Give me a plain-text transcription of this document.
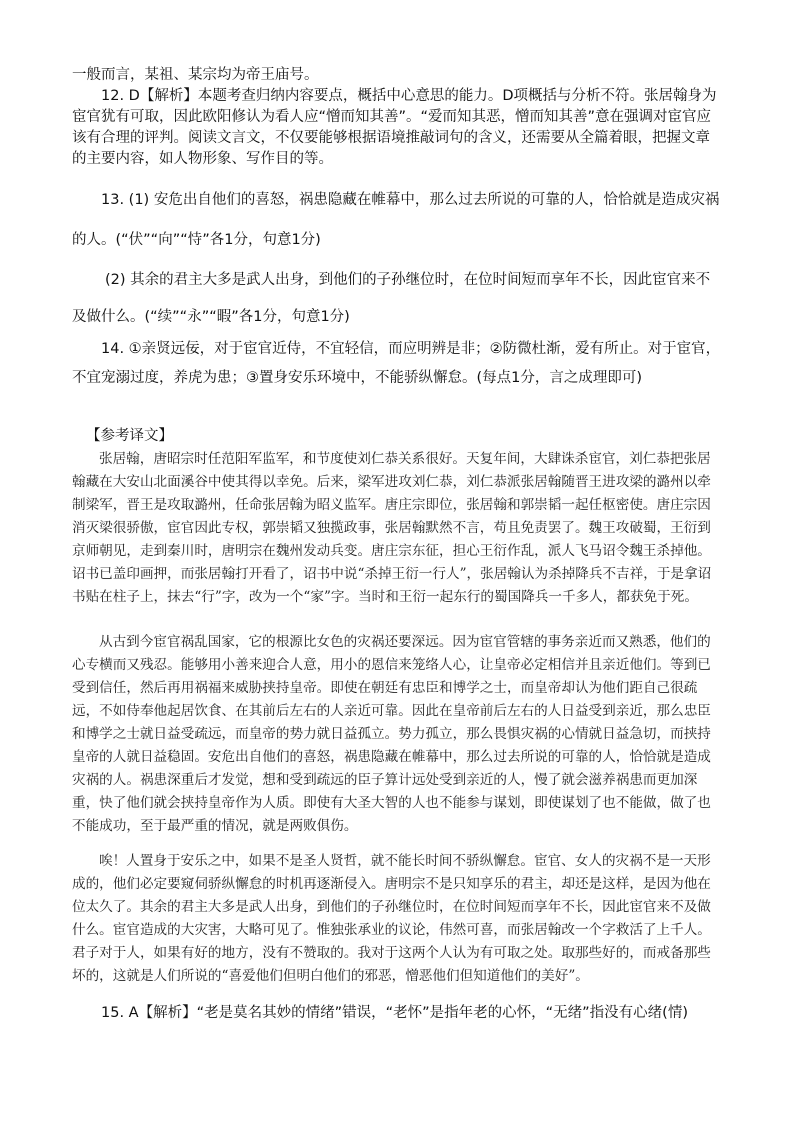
一般而言，某祖、某宗均为帝王庙号。

12. D【解析】本题考查归纳内容要点，概括中心意思的能力。D项概括与分析不符。张居翰身为宦官犹有可取，因此欧阳修认为看人应“憎而知其善”。“爱而知其恶，憎而知其善”意在强调对宦官应该有合理的评判。阅读文言文，不仅要能够根据语境推敲词句的含义，还需要从全篇着眼，把握文章的主要内容，如人物形象、写作目的等。

13. (1) 安危出自他们的喜怒，祸患隐藏在帷幕中，那么过去所说的可靠的人，恰恰就是造成灾祸的人。(“伏”“向”“恃”各1分，句意1分)

(2) 其余的君主大多是武人出身，到他们的子孙继位时，在位时间短而享年不长，因此宦官来不及做什么。(“续”“永”“暇”各1分，句意1分)

14. ①亲贤远佞，对于宦官近侍，不宜轻信，而应明辨是非；②防微杜渐，爱有所止。对于宦官，不宜宠溺过度，养虎为患；③置身安乐环境中，不能骄纵懈怠。(每点1分，言之成理即可)

【参考译文】

张居翰，唐昭宗时任范阳军监军，和节度使刘仁恭关系很好。天复年间，大肆诛杀宦官，刘仁恭把张居翰藏在大安山北面溪谷中使其得以幸免。后来，梁军进攻刘仁恭，刘仁恭派张居翰随晋王进攻梁的潞州以牵制梁军，晋王是攻取潞州，任命张居翰为昭义监军。唐庄宗即位，张居翰和郭崇韬一起任枢密使。唐庄宗因消灭梁很骄傲，宦官因此专权，郭崇韬又独揽政事，张居翰默然不言，苟且免责罢了。魏王攻破蜀，王衍到京师朝见，走到秦川时，唐明宗在魏州发动兵变。唐庄宗东征，担心王衍作乱，派人飞马诏令魏王杀掉他。诏书已盖印画押，而张居翰打开看了，诏书中说“杀掉王衍一行人”，张居翰认为杀掉降兵不吉祥，于是拿诏书贴在柱子上，抹去“行”字，改为一个“家”字。当时和王衍一起东行的蜀国降兵一千多人，都获免于死。

从古到今宦官祸乱国家，它的根源比女色的灾祸还要深远。因为宦官管辖的事务亲近而又熟悉，他们的心专横而又残忍。能够用小善来迎合人意，用小的恩信来笼络人心，让皇帝必定相信并且亲近他们。等到已受到信任，然后再用祸福来威胁挟持皇帝。即使在朝廷有忠臣和博学之士，而皇帝却认为他们距自己很疏远，不如侍奉他起居饮食、在其前后左右的人亲近可靠。因此在皇帝前后左右的人日益受到亲近，那么忠臣和博学之士就日益受疏远，而皇帝的势力就日益孤立。势力孤立，那么畏惧灾祸的心情就日益急切，而挟持皇帝的人就日益稳固。安危出自他们的喜怒，祸患隐藏在帷幕中，那么过去所说的可靠的人，恰恰就是造成灾祸的人。祸患深重后才发觉，想和受到疏远的臣子算计远处受到亲近的人，慢了就会滋养祸患而更加深重，快了他们就会挟持皇帝作为人质。即使有大圣大智的人也不能参与谋划，即使谋划了也不能做，做了也不能成功，至于最严重的情况，就是两败俱伤。

唉！人置身于安乐之中，如果不是圣人贤哲，就不能长时间不骄纵懈怠。宦官、女人的灾祸不是一天形成的，他们必定要窥伺骄纵懈怠的时机再逐渐侵入。唐明宗不是只知享乐的君主，却还是这样，是因为他在位太久了。其余的君主大多是武人出身，到他们的子孙继位时，在位时间短而享年不长，因此宦官来不及做什么。宦官造成的大灾害，大略可见了。惟独张承业的议论，伟然可喜，而张居翰改一个字救活了上千人。君子对于人，如果有好的地方，没有不赞取的。我对于这两个人认为有可取之处。取那些好的，而戒备那些坏的，这就是人们所说的“喜爱他们但明白他们的邪恶，憎恶他们但知道他们的美好”。

15. A【解析】“老是莫名其妙的情绪”错误，“老怀”是指年老的心怀，“无绪”指没有心绪(情)
